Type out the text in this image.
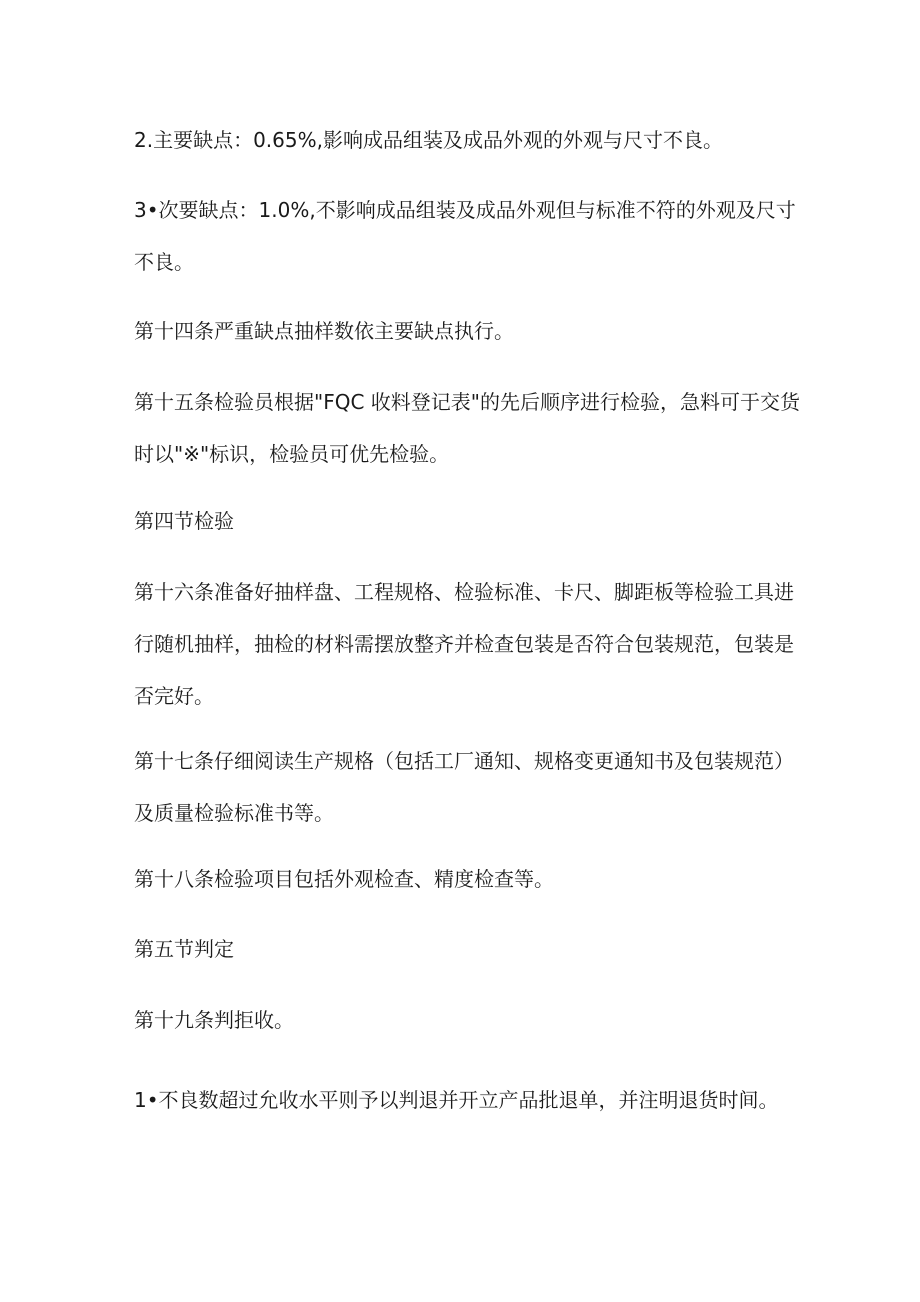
2.主要缺点：0.65%,影响成品组装及成品外观的外观与尺寸不良。

3•次要缺点：1.0%,不影响成品组装及成品外观但与标准不符的外观及尺寸
不良。

第十四条严重缺点抽样数依主要缺点执行。

第十五条检验员根据"FQC 收料登记表"的先后顺序进行检验，急料可于交货
时以"※"标识，检验员可优先检验。

第四节检验

第十六条准备好抽样盘、工程规格、检验标准、卡尺、脚距板等检验工具进
行随机抽样，抽检的材料需摆放整齐并检查包装是否符合包装规范，包装是
否完好。

第十七条仔细阅读生产规格（包括工厂通知、规格变更通知书及包装规范）
及质量检验标准书等。

第十八条检验项目包括外观检查、精度检查等。

第五节判定

第十九条判拒收。

1•不良数超过允收水平则予以判退并开立产品批退单，并注明退货时间。
